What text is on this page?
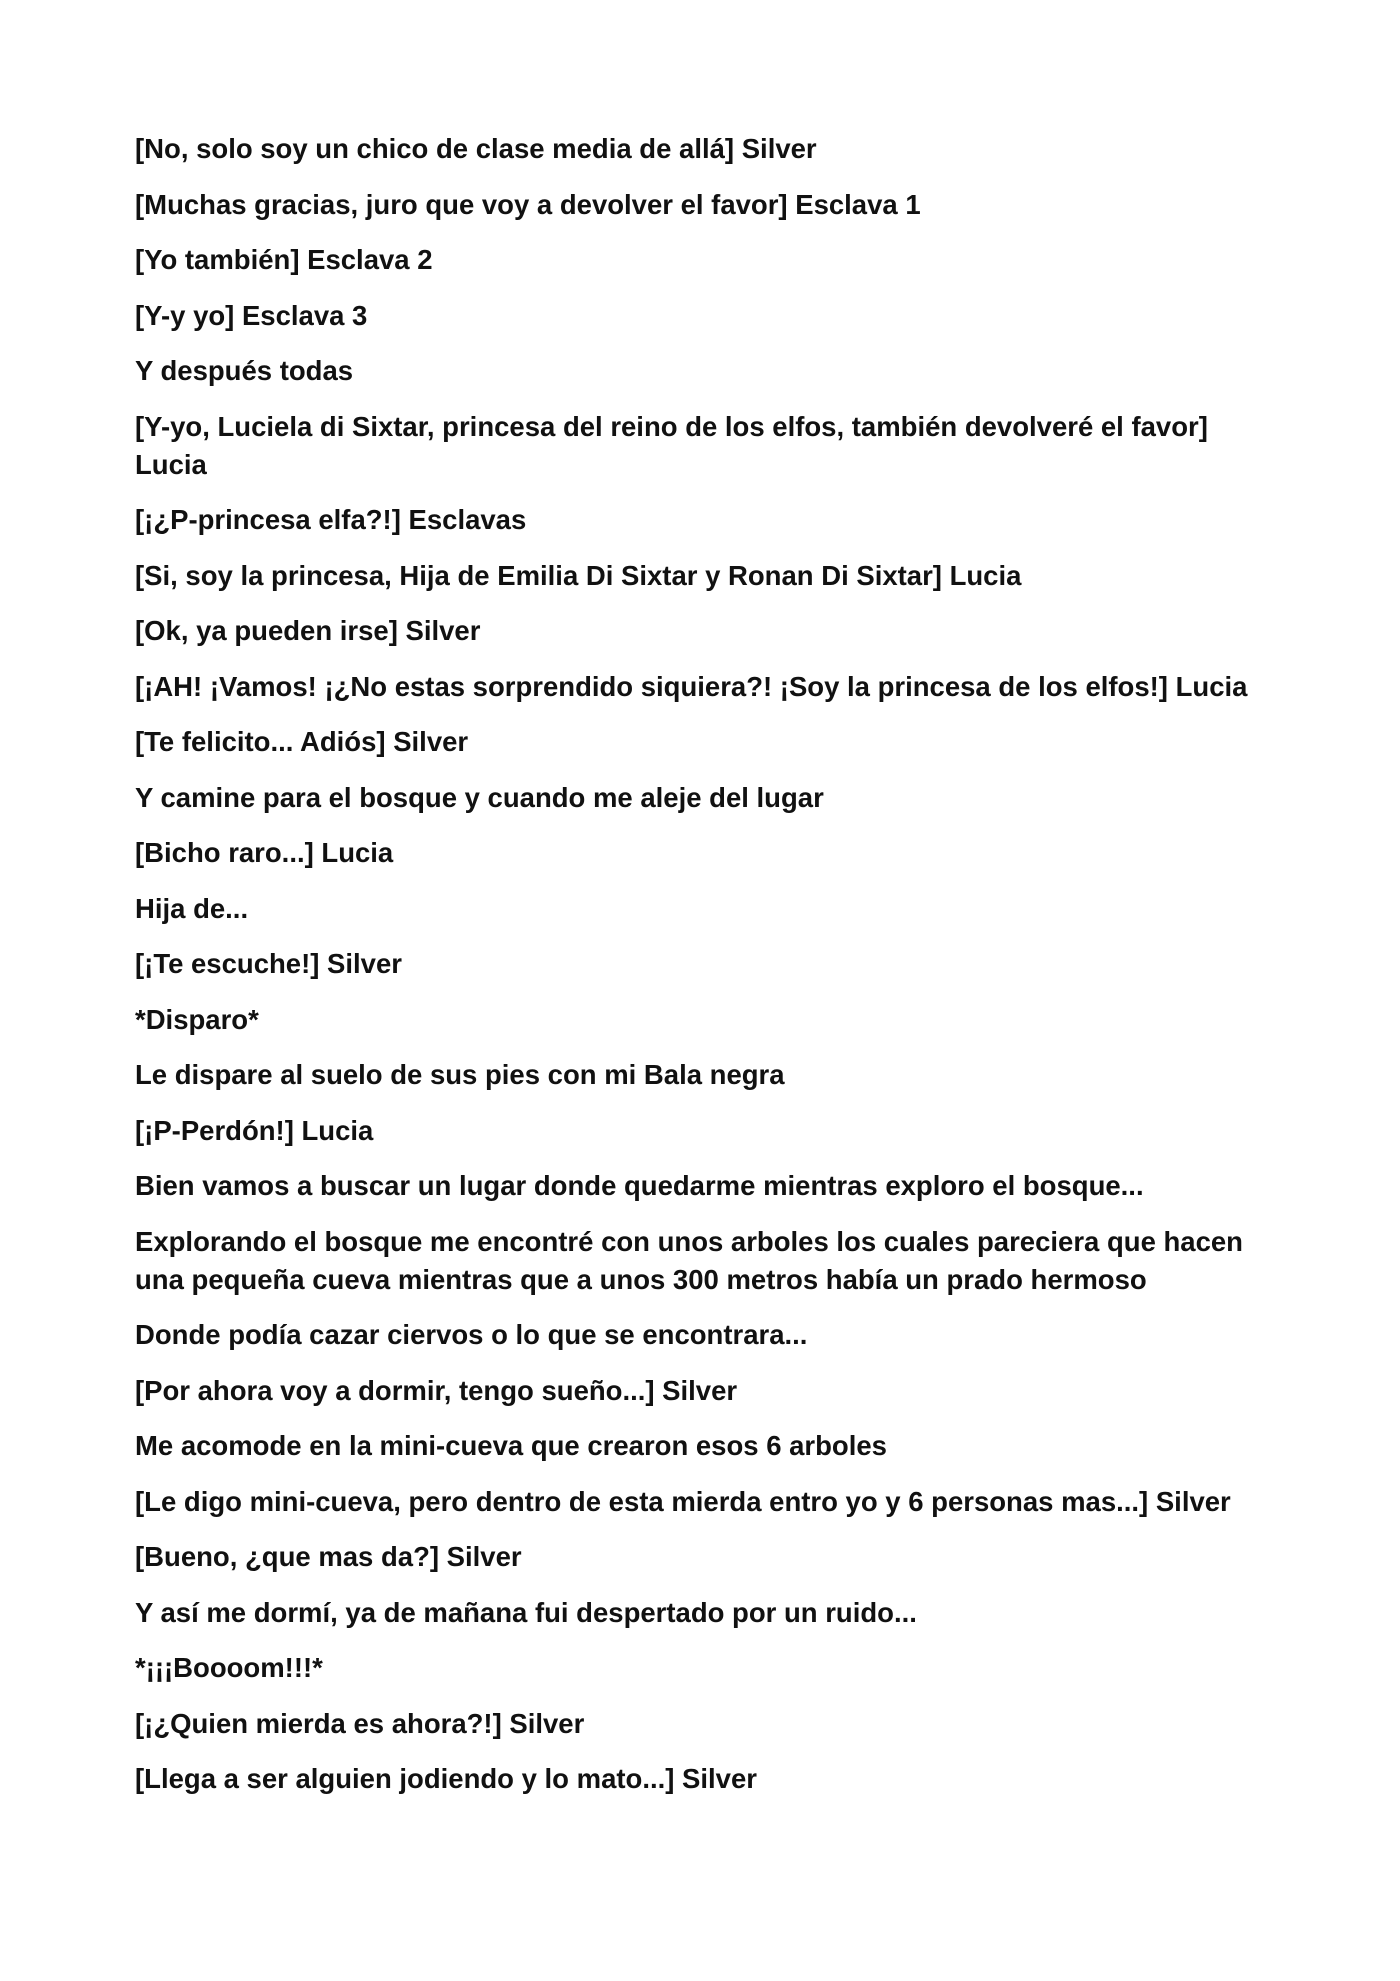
[No, solo soy un chico de clase media de allá] Silver

[Muchas gracias, juro que voy a devolver el favor] Esclava 1

[Yo también] Esclava 2

[Y-y yo] Esclava 3

Y después todas

[Y-yo, Luciela di Sixtar, princesa del reino de los elfos, también devolveré el favor] Lucia

[¡¿P-princesa elfa?!] Esclavas

[Si, soy la princesa, Hija de Emilia Di Sixtar y Ronan Di Sixtar] Lucia

[Ok, ya pueden irse] Silver

[¡AH! ¡Vamos! ¡¿No estas sorprendido siquiera?! ¡Soy la princesa de los elfos!] Lucia

[Te felicito... Adiós] Silver

Y camine para el bosque y cuando me aleje del lugar

[Bicho raro...] Lucia

Hija de...

[¡Te escuche!] Silver

*Disparo*

Le dispare al suelo de sus pies con mi Bala negra

[¡P-Perdón!] Lucia

Bien vamos a buscar un lugar donde quedarme mientras exploro el bosque...

Explorando el bosque me encontré con unos arboles los cuales pareciera que hacen una pequeña cueva mientras que a unos 300 metros había un prado hermoso

Donde podía cazar ciervos o lo que se encontrara...

[Por ahora voy a dormir, tengo sueño...] Silver

Me acomode en la mini-cueva que crearon esos 6 arboles

[Le digo mini-cueva, pero dentro de esta mierda entro yo y 6 personas mas...] Silver

[Bueno, ¿que mas da?] Silver

Y así me dormí, ya de mañana fui despertado por un ruido...

*¡¡¡Boooom!!!*

[¡¿Quien mierda es ahora?!] Silver

[Llega a ser alguien jodiendo y lo mato...] Silver
